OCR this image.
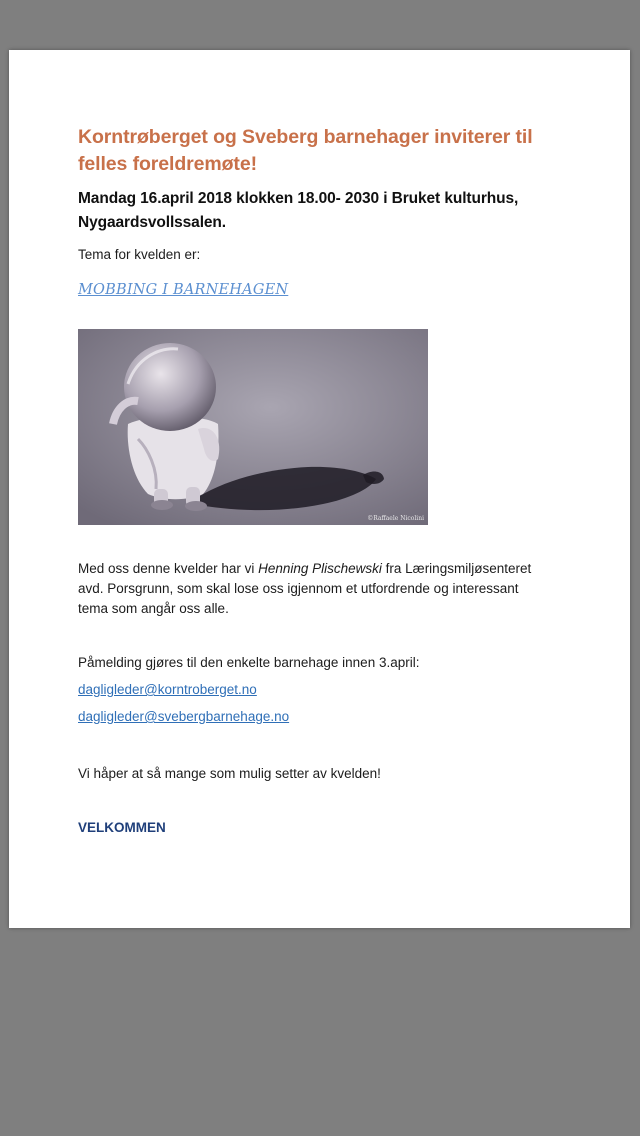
Korntrøberget og Sveberg barnehager inviterer til felles foreldremøte!

Mandag 16.april 2018 klokken 18.00- 2030 i Bruket kulturhus, Nygaardsvollssalen.

Tema for kvelden er:

MOBBING I BARNEHAGEN
©Raffaele Nicolini

Med oss denne kvelder har vi Henning Plischewski fra Læringsmiljøsenteret avd. Porsgrunn, som skal lose oss igjennom et utfordrende og interessant tema som angår oss alle.

Påmelding gjøres til den enkelte barnehage innen 3.april:

dagligleder@korntroberget.no
dagligleder@svebergbarnehage.no

Vi håper at så mange som mulig setter av kvelden!

VELKOMMEN
